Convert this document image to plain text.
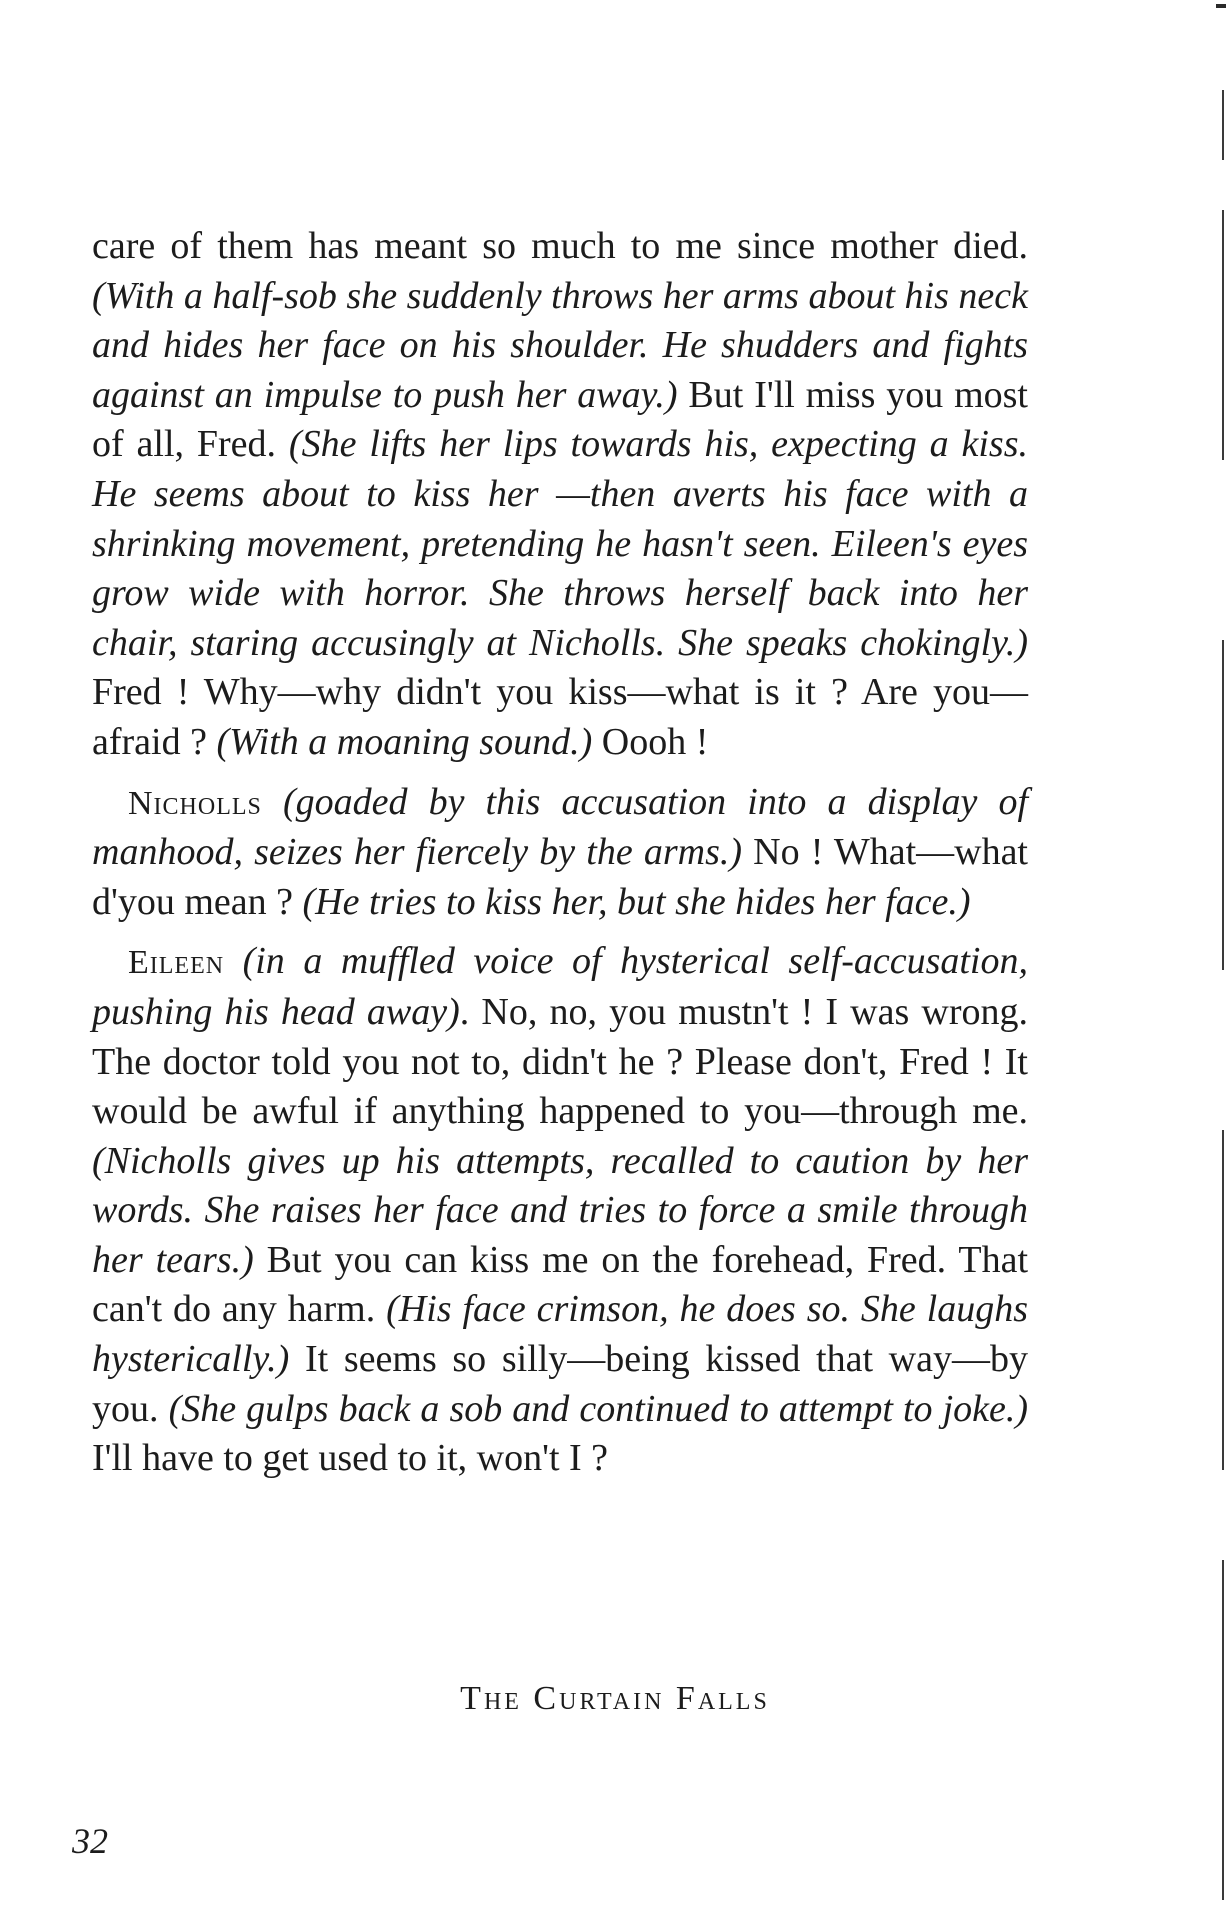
care of them has meant so much to me since mother died. (With a half-sob she suddenly throws her arms about his neck and hides her face on his shoulder. He shudders and fights against an impulse to push her away.) But I'll miss you most of all, Fred. (She lifts her lips towards his, expecting a kiss. He seems about to kiss her —then averts his face with a shrinking movement, pretending he hasn't seen. Eileen's eyes grow wide with horror. She throws herself back into her chair, staring accusingly at Nicholls. She speaks chokingly.) Fred ! Why—why didn't you kiss—what is it ? Are you— afraid ? (With a moaning sound.) Oooh !

Nicholls (goaded by this accusation into a display of manhood, seizes her fiercely by the arms.) No ! What—what d'you mean ? (He tries to kiss her, but she hides her face.)

Eileen (in a muffled voice of hysterical self-accusation, pushing his head away). No, no, you mustn't ! I was wrong. The doctor told you not to, didn't he ? Please don't, Fred ! It would be awful if anything happened to you—through me. (Nicholls gives up his attempts, recalled to caution by her words. She raises her face and tries to force a smile through her tears.) But you can kiss me on the forehead, Fred. That can't do any harm. (His face crimson, he does so. She laughs hysterically.) It seems so silly—being kissed that way—by you. (She gulps back a sob and continued to attempt to joke.) I'll have to get used to it, won't I ?

The Curtain Falls
32
